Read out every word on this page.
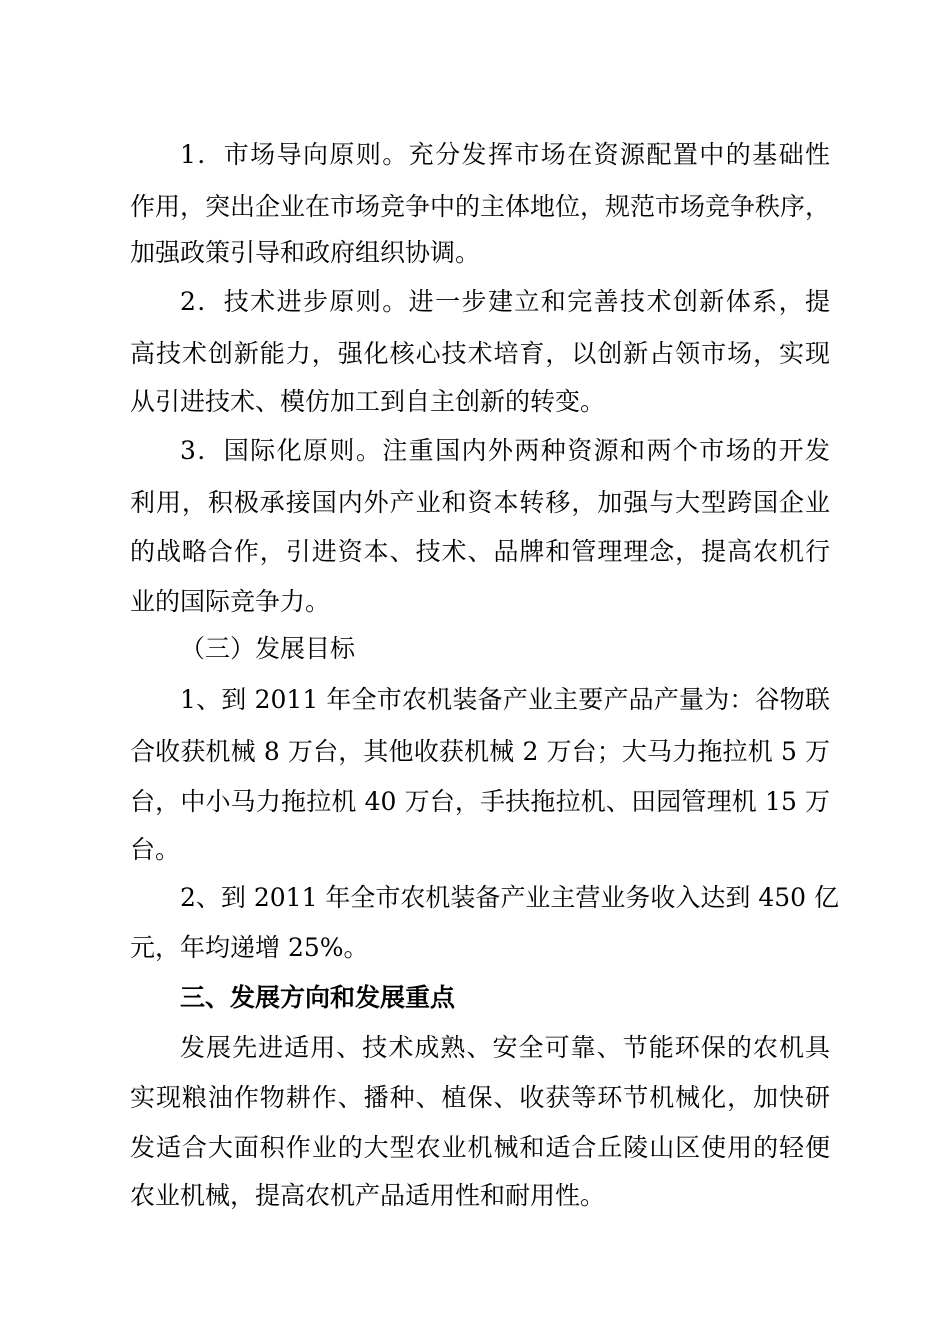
1．市场导向原则。充分发挥市场在资源配置中的基础性
作用，突出企业在市场竞争中的主体地位，规范市场竞争秩序，
加强政策引导和政府组织协调。
2．技术进步原则。进一步建立和完善技术创新体系，提
高技术创新能力，强化核心技术培育，以创新占领市场，实现
从引进技术、模仿加工到自主创新的转变。
3．国际化原则。注重国内外两种资源和两个市场的开发
利用，积极承接国内外产业和资本转移，加强与大型跨国企业
的战略合作，引进资本、技术、品牌和管理理念，提高农机行
业的国际竞争力。
（三）发展目标
1、到 2011 年全市农机装备产业主要产品产量为：谷物联
合收获机械 8 万台，其他收获机械 2 万台；大马力拖拉机 5 万
台，中小马力拖拉机 40 万台，手扶拖拉机、田园管理机 15 万
台。
2、到 2011 年全市农机装备产业主营业务收入达到 450 亿
元，年均递增 25%。
三、发展方向和发展重点
发展先进适用、技术成熟、安全可靠、节能环保的农机具
实现粮油作物耕作、播种、植保、收获等环节机械化，加快研
发适合大面积作业的大型农业机械和适合丘陵山区使用的轻便
农业机械，提高农机产品适用性和耐用性。
